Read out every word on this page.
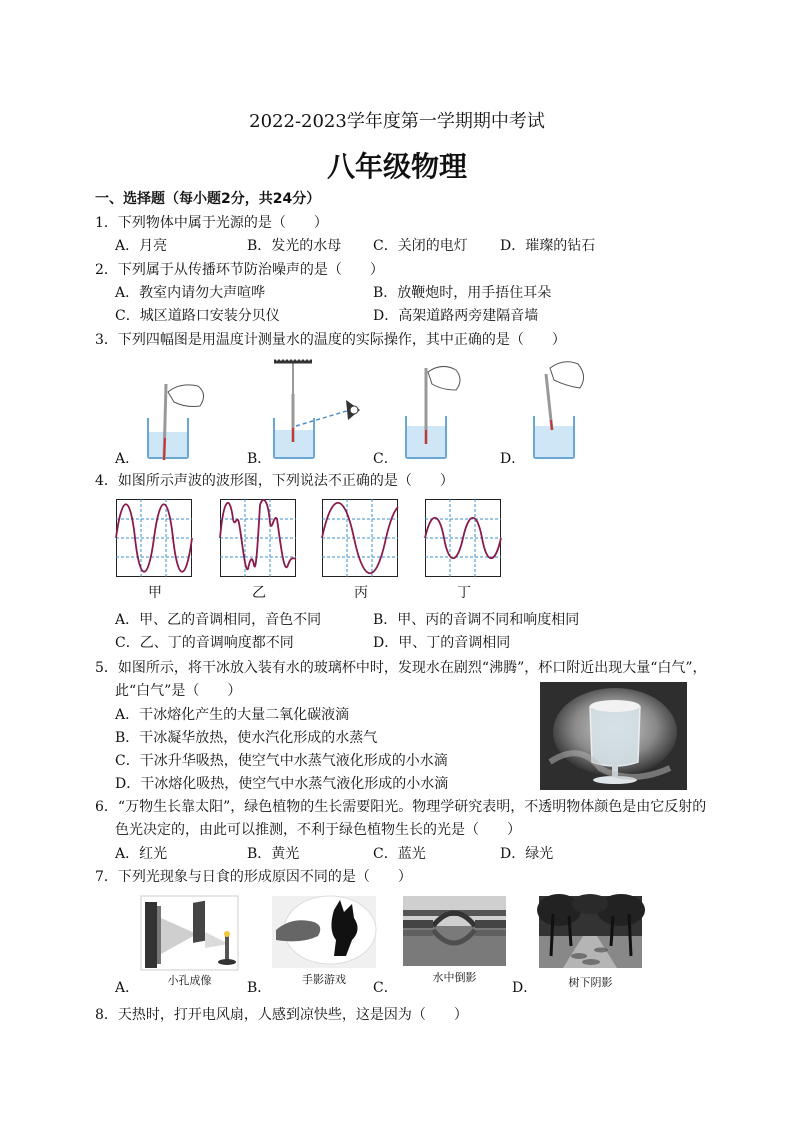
2022-2023学年度第一学期期中考试
八年级物理
一、选择题（每小题2分，共24分）
1．下列物体中属于光源的是（　　）
A．月亮	B．发光的水母 C．关闭的电灯 D．璀璨的钻石
2．下列属于从传播环节防治噪声的是（　　）
A．教室内请勿大声喧哗	B．放鞭炮时，用手捂住耳朵
C．城区道路口安装分贝仪	D．高架道路两旁建隔音墙
3．下列四幅图是用温度计测量水的温度的实际操作，其中正确的是（　　）
A．	B．	C．	D．
4．如图所示声波的波形图，下列说法不正确的是（　　）
甲	乙	丙	丁
A．甲、乙的音调相同，音色不同	B．甲、丙的音调不同和响度相同
C．乙、丁的音调响度都不同	D．甲、丁的音调相同
5．如图所示，将干冰放入装有水的玻璃杯中时，发现水在剧烈“沸腾”，杯口附近出现大量“白气”，
此“白气”是（　　）
A．干冰熔化产生的大量二氧化碳液滴
B．干冰凝华放热，使水汽化形成的水蒸气
C．干冰升华吸热，使空气中水蒸气液化形成的小水滴
D．干冰熔化吸热，使空气中水蒸气液化形成的小水滴
6．“万物生长靠太阳”，绿色植物的生长需要阳光。物理学研究表明，不透明物体颜色是由它反射的
色光决定的，由此可以推测，不利于绿色植物生长的光是（　　）
A．红光	B．黄光	C．蓝光	D．绿光
7．下列光现象与日食的形成原因不同的是（　　）
小孔成像	手影游戏	水中倒影	树下阴影
A．	B．	C．	D．
8．天热时，打开电风扇，人感到凉快些，这是因为（　　）
